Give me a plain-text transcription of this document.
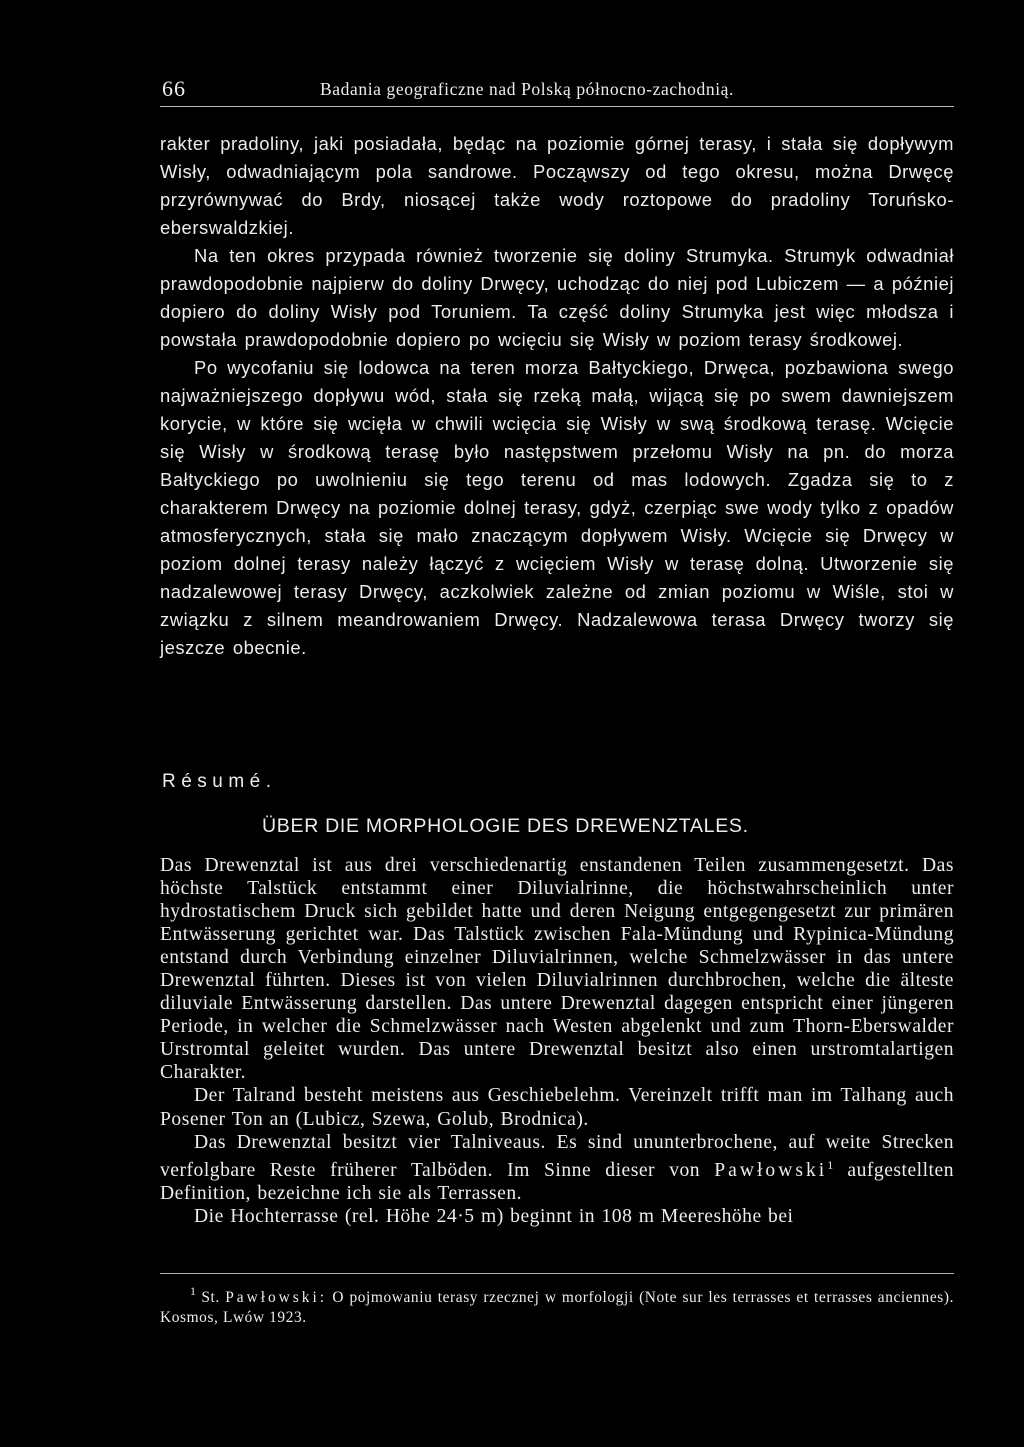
66	Badania geograficzne nad Polską północno-zachodnią.

rakter pradoliny, jaki posiadała, będąc na poziomie górnej terasy, i stała się dopływym Wisły, odwadniającym pola sandrowe. Począwszy od tego okresu, można Drwęcę przyrównywać do Brdy, niosącej także wody roztopowe do pradoliny Toruńsko-eberswaldzkiej.

Na ten okres przypada również tworzenie się doliny Strumyka. Strumyk odwadniał prawdopodobnie najpierw do doliny Drwęcy, uchodząc do niej pod Lubiczem — a później dopiero do doliny Wisły pod Toruniem. Ta część doliny Strumyka jest więc młodsza i powstała prawdopodobnie dopiero po wcięciu się Wisły w poziom terasy środkowej.

Po wycofaniu się lodowca na teren morza Bałtyckiego, Drwęca, pozbawiona swego najważniejszego dopływu wód, stała się rzeką małą, wijącą się po swem dawniejszem korycie, w które się wcięła w chwili wcięcia się Wisły w swą środkową terasę. Wcięcie się Wisły w środkową terasę było następstwem przełomu Wisły na pn. do morza Bałtyckiego po uwolnieniu się tego terenu od mas lodowych. Zgadza się to z charakterem Drwęcy na poziomie dolnej terasy, gdyż, czerpiąc swe wody tylko z opadów atmosferycznych, stała się mało znaczącym dopływem Wisły. Wcięcie się Drwęcy w poziom dolnej terasy należy łączyć z wcięciem Wisły w terasę dolną. Utworzenie się nadzalewowej terasy Drwęcy, aczkolwiek zależne od zmian poziomu w Wiśle, stoi w związku z silnem meandrowaniem Drwęcy. Nadzalewowa terasa Drwęcy tworzy się jeszcze obecnie.

Résumé.
ÜBER DIE MORPHOLOGIE DES DREWENZTALES.

Das Drewenztal ist aus drei verschiedenartig enstandenen Teilen zusammengesetzt. Das höchste Talstück entstammt einer Diluvialrinne, die höchstwahrscheinlich unter hydrostatischem Druck sich gebildet hatte und deren Neigung entgegengesetzt zur primären Entwässerung gerichtet war. Das Talstück zwischen Fala-Mündung und Rypinica-Mündung entstand durch Verbindung einzelner Diluvialrinnen, welche Schmelzwässer in das untere Drewenztal führten. Dieses ist von vielen Diluvialrinnen durchbrochen, welche die älteste diluviale Entwässerung darstellen. Das untere Drewenztal dagegen entspricht einer jüngeren Periode, in welcher die Schmelzwässer nach Westen abgelenkt und zum Thorn-Eberswalder Urstromtal geleitet wurden. Das untere Drewenztal besitzt also einen urstromtalartigen Charakter.

Der Talrand besteht meistens aus Geschiebelehm. Vereinzelt trifft man im Talhang auch Posener Ton an (Lubicz, Szewa, Golub, Brodnica).

Das Drewenztal besitzt vier Talniveaus. Es sind ununterbrochene, auf weite Strecken verfolgbare Reste früherer Talböden. Im Sinne dieser von Pawłowski$^1$ aufgestellten Definition, bezeichne ich sie als Terrassen.

Die Hochterrasse (rel. Höhe 24·5 m) beginnt in 108 m Meereshöhe bei

$^1$ St. Pawłowski: O pojmowaniu terasy rzecznej w morfologji (Note sur les terrasses et terrasses anciennes). Kosmos, Lwów 1923.
